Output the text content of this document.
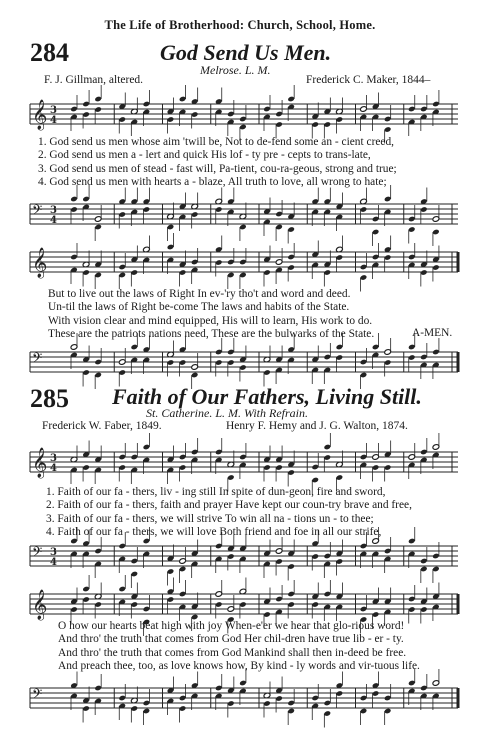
The Life of Brotherhood: Church, School, Home.
284	God Send Us Men.
Melrose. L. M.
F. J. Gillman, altered.	Frederick C. Maker, 1844–
𝄞 3
4
1. God send us men whose aim 'twill be, Not to de-fend some an - cient creed,
2. God send us men a - lert and quick His lof - ty pre - cepts to trans-late,
3. God send us men of stead - fast will, Pa-tient, cou-ra-geous, strong and true;
4. God send us men with hearts a - blaze, All truth to love, all wrong to hate;
𝄢 3
4
𝄞
But to live out the laws of Right In ev-'ry tho't and word and deed.
Un-til the laws of Right be-come The laws and habits of the State.
With vision clear and mind equipped, His will to learn, His work to do.
These are the patriots nations need, These are the bulwarks of the State.	A-MEN.
𝄢
285 Faith of Our Fathers, Living Still.
St. Catherine. L. M. With Refrain.
Frederick W. Faber, 1849.	Henry F. Hemy and J. G. Walton, 1874.
𝄞 3
4
1. Faith of our fa - thers, liv - ing still In spite of dun-geon, fire and sword,
2. Faith of our fa - thers, faith and prayer Have kept our coun-try brave and free,
3. Faith of our fa - thers, we will strive To win all na - tions un - to thee;
4. Faith of our fa - thers, we will love Both friend and foe in all our strife,
𝄢 3
4
𝄞
O how our hearts beat high with joy When-e'er we hear that glo-rious word!
And thro' the truth that comes from God Her chil-dren have true lib - er - ty.
And thro' the truth that comes from God Mankind shall then in-deed be free.
And preach thee, too, as love knows how, By kind - ly words and vir-tuous life.
𝄢
